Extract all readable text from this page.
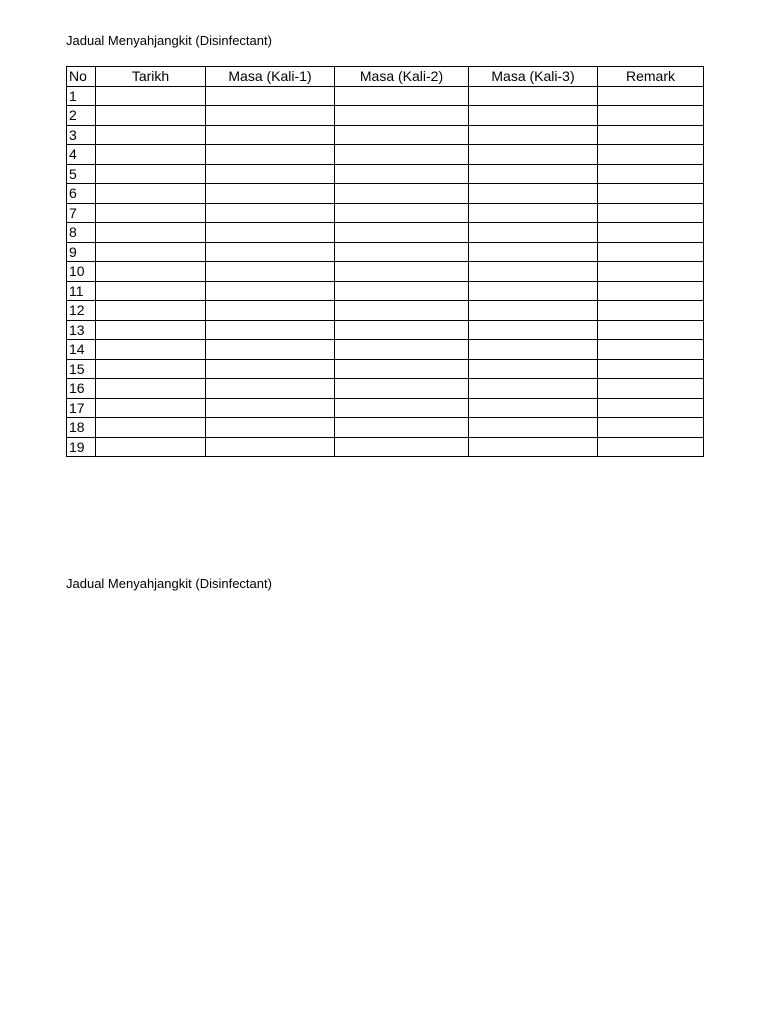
Jadual Menyahjangkit (Disinfectant)
No	Tarikh	Masa (Kali-1)	Masa (Kali-2)	Masa (Kali-3)	Remark
1					
2					
3					
4					
5					
6					
7					
8					
9					
10					
11					
12					
13					
14					
15					
16					
17					
18					
19					
Jadual Menyahjangkit (Disinfectant)
